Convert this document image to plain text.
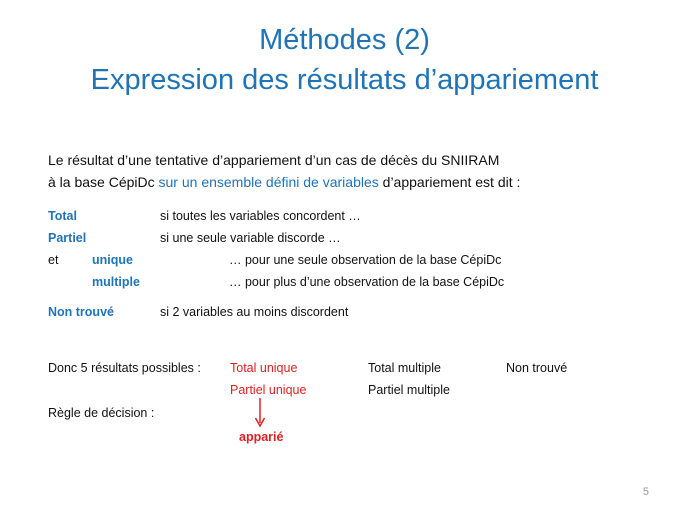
Méthodes (2)
Expression des résultats d’appariement
Le résultat d’une tentative d’appariement d’un cas de décès du SNIIRAM
à la base CépiDc sur un ensemble défini de variables d’appariement est dit :
Total	si toutes les variables concordent …
Partiel	si une seule variable discorde …
et	unique	… pour une seule observation de la base CépiDc
multiple	… pour plus d’une observation de la base CépiDc
Non trouvé	si 2 variables au moins discordent
Donc 5 résultats possibles : Total unique	Total multiple	Non trouvé
Partiel unique	Partiel multiple
Règle de décision :
apparié
5
